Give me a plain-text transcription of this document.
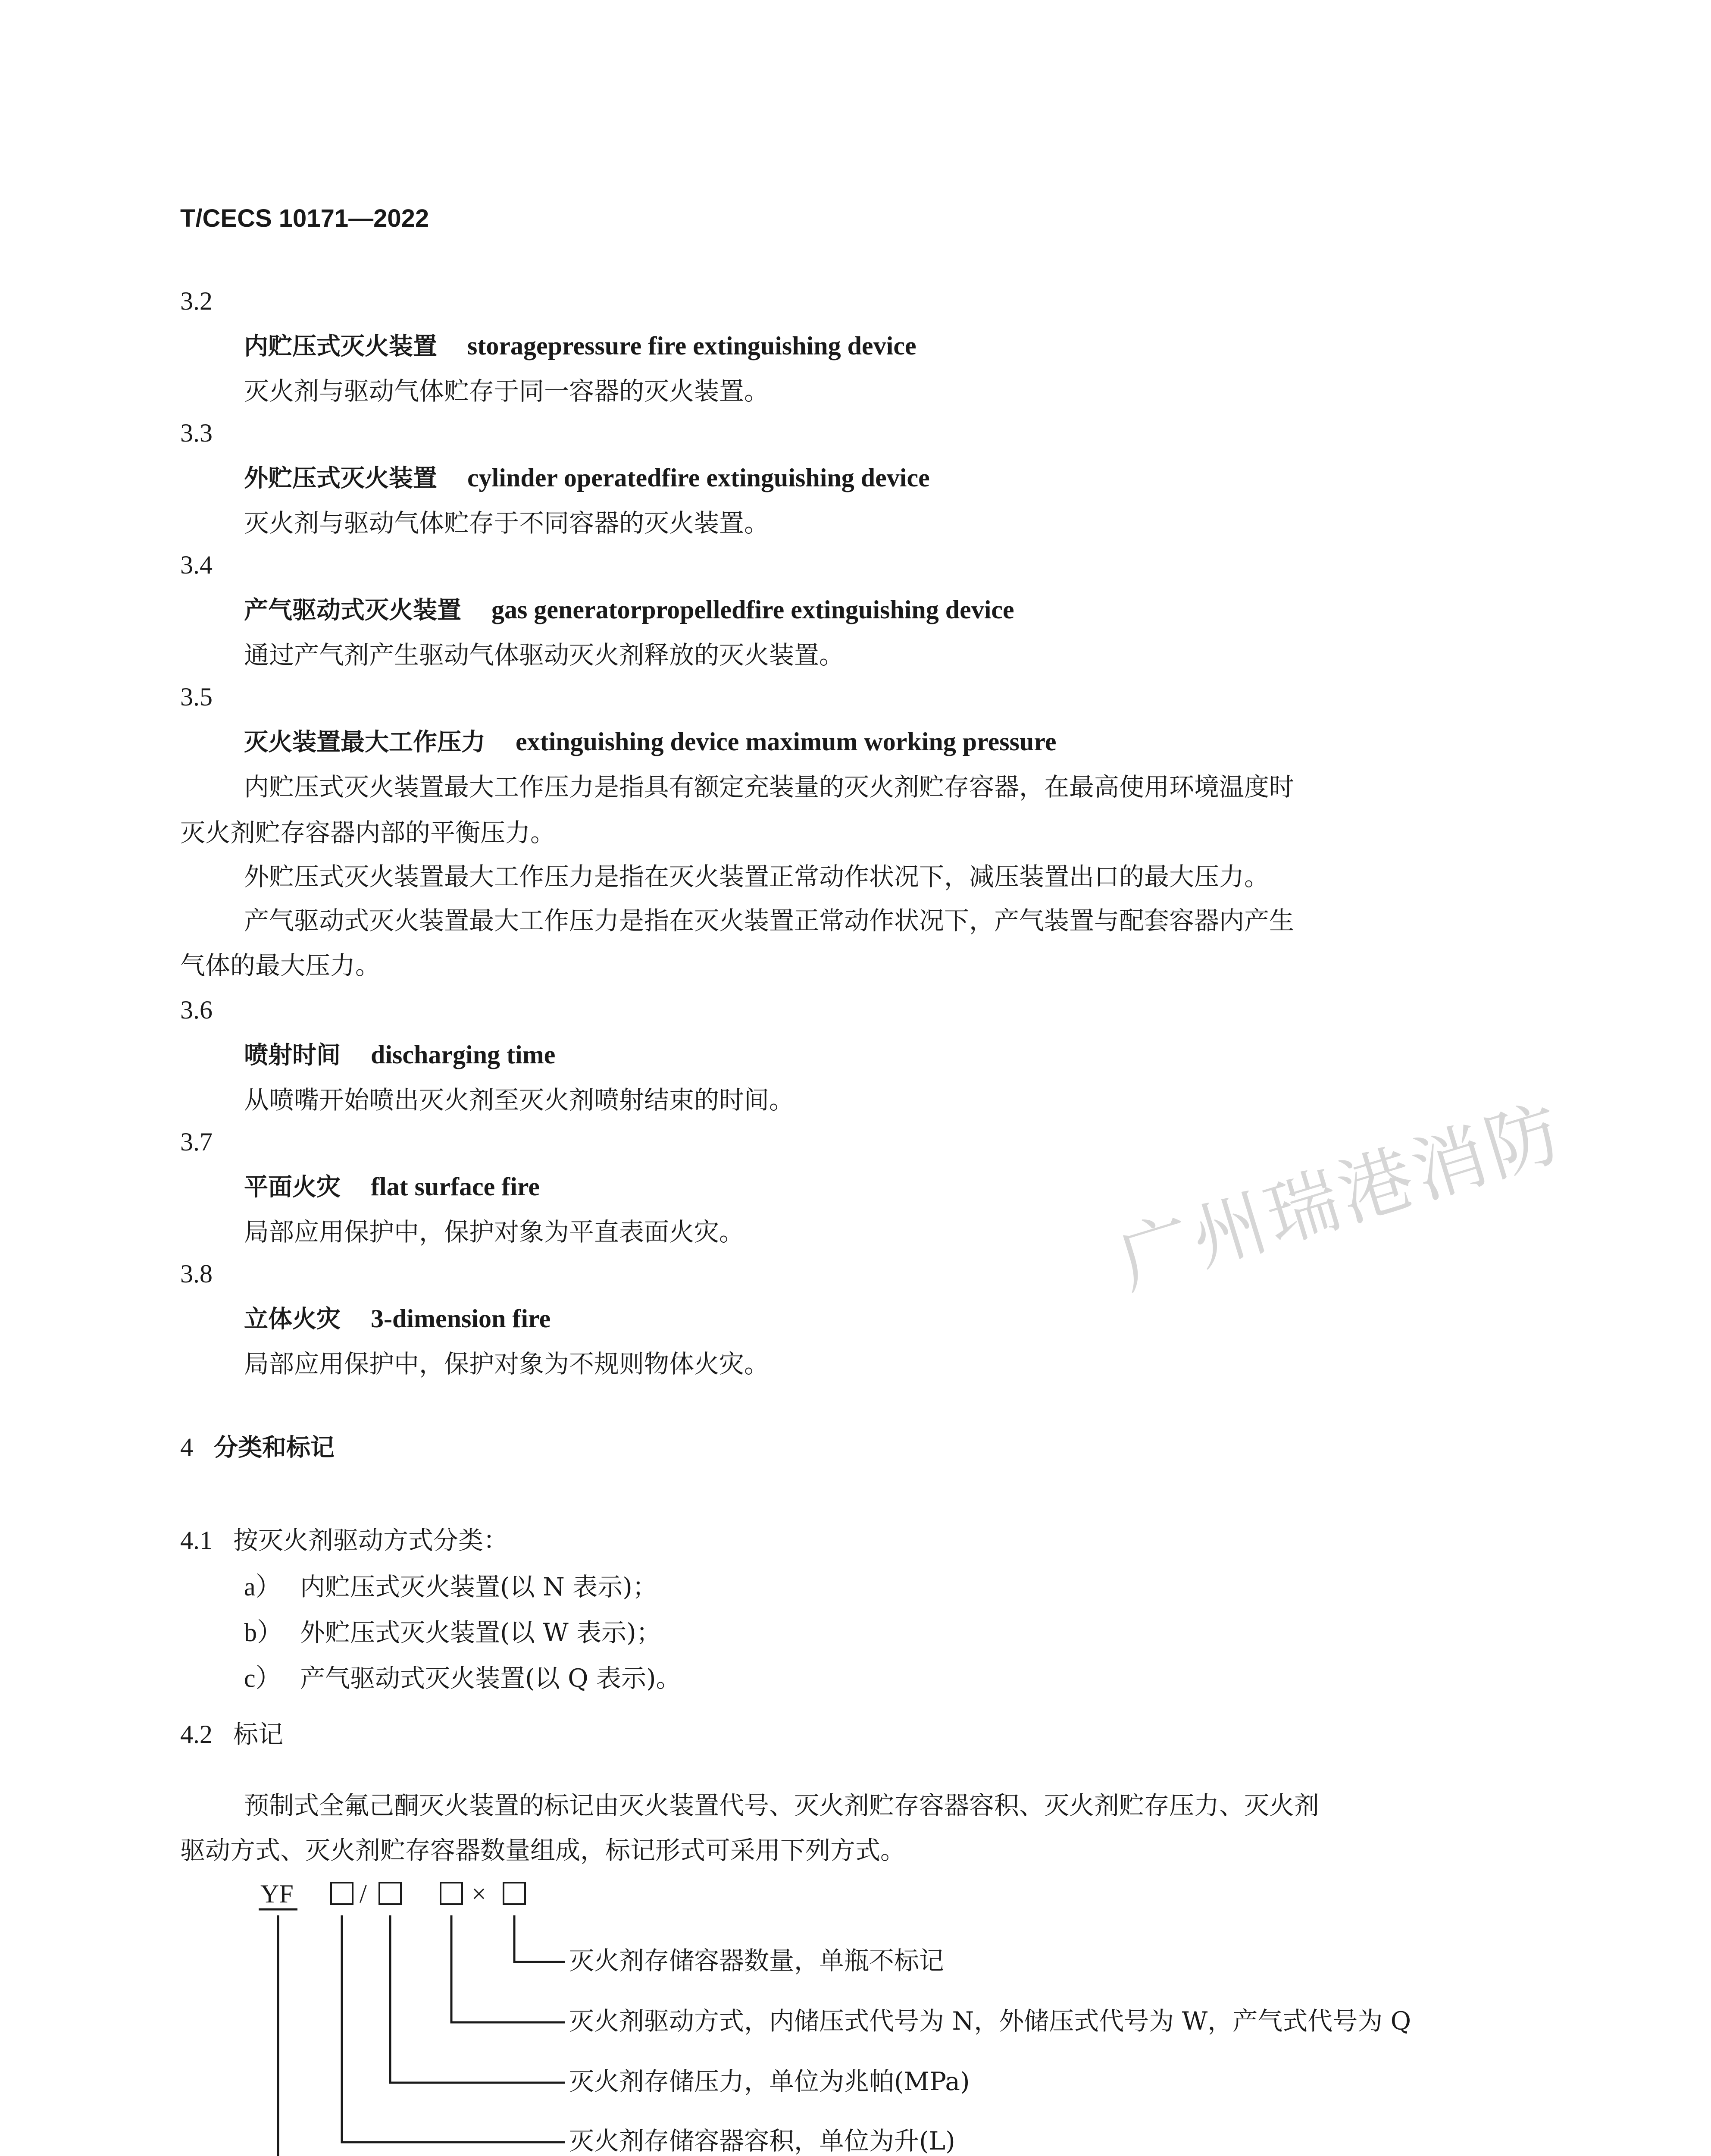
T/CECS 10171—2022
3.2
内贮压式灭火装置 storagepressure fire extinguishing device
灭火剂与驱动气体贮存于同一容器的灭火装置。
3.3
外贮压式灭火装置 cylinder operatedfire extinguishing device
灭火剂与驱动气体贮存于不同容器的灭火装置。
3.4
产气驱动式灭火装置 gas generatorpropelledfire extinguishing device
通过产气剂产生驱动气体驱动灭火剂释放的灭火装置。
3.5
灭火装置最大工作压力 extinguishing device maximum working pressure
内贮压式灭火装置最大工作压力是指具有额定充装量的灭火剂贮存容器，在最高使用环境温度时
灭火剂贮存容器内部的平衡压力。
外贮压式灭火装置最大工作压力是指在灭火装置正常动作状况下，减压装置出口的最大压力。
产气驱动式灭火装置最大工作压力是指在灭火装置正常动作状况下，产气装置与配套容器内产生
气体的最大压力。
3.6
喷射时间 discharging time
从喷嘴开始喷出灭火剂至灭火剂喷射结束的时间。
3.7
平面火灾 flat surface fire
局部应用保护中，保护对象为平直表面火灾。
3.8
立体火灾 3-dimension fire
局部应用保护中，保护对象为不规则物体火灾。
4 分类和标记
4.1 按灭火剂驱动方式分类：
a） 内贮压式灭火装置(以 N 表示)；
b） 外贮压式灭火装置(以 W 表示)；
c） 产气驱动式灭火装置(以 Q 表示)。
4.2 标记
预制式全氟己酮灭火装置的标记由灭火装置代号、灭火剂贮存容器容积、灭火剂贮存压力、灭火剂
驱动方式、灭火剂贮存容器数量组成，标记形式可采用下列方式。
YF	/	×
灭火剂存储容器数量，单瓶不标记
灭火剂驱动方式，内储压式代号为 N，外储压式代号为 W，产气式代号为 Q
灭火剂存储压力，单位为兆帕(MPa)
灭火剂存储容器容积，单位为升(L)
广州瑞港消防
